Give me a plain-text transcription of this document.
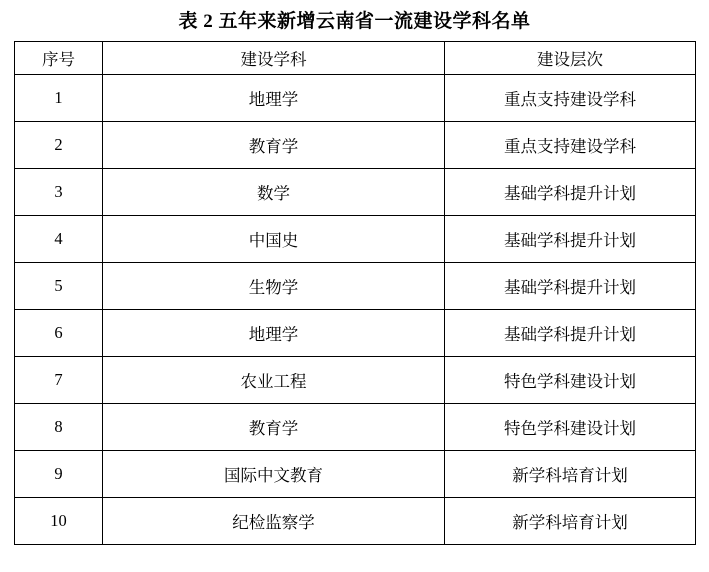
表 2 五年来新增云南省一流建设学科名单
序号	建设学科	建设层次
1	地理学	重点支持建设学科
2	教育学	重点支持建设学科
3	数学	基础学科提升计划
4	中国史	基础学科提升计划
5	生物学	基础学科提升计划
6	地理学	基础学科提升计划
7	农业工程	特色学科建设计划
8	教育学	特色学科建设计划
9	国际中文教育	新学科培育计划
10	纪检监察学	新学科培育计划
